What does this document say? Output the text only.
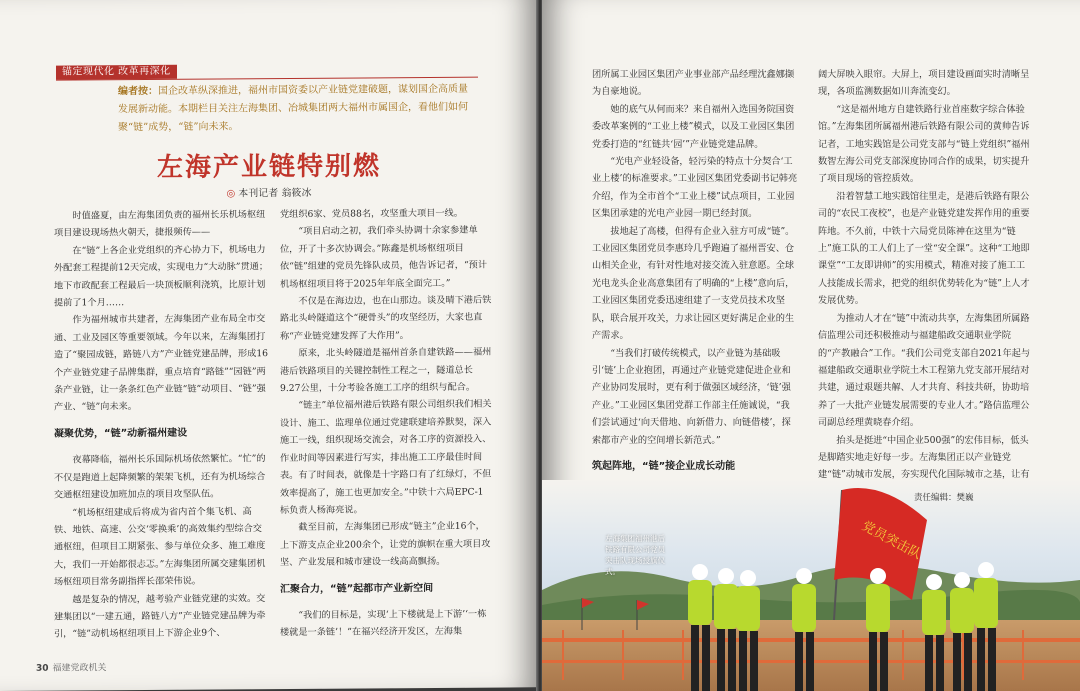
锚定现代化 改革再深化
编者按：国企改革纵深推进，福州市国资委以产业链党建破题，谋划国企高质量发展新动能。本期栏目关注左海集团、冶城集团两大福州市属国企，看他们如何聚“链”成势，“链”向未来。
左海产业链特别燃
◎ 本刊记者 翁筱冰

时值盛夏，由左海集团负责的福州长乐机场枢纽项目建设现场热火朝天，捷报频传——

在“链”上各企业党组织的齐心协力下，机场电力外配套工程提前12天完成，实现电力“大动脉”贯通；地下市政配套工程最后一块顶板顺利浇筑，比原计划提前了1个月……

作为福州城市共建者，左海集团产业布局全市交通、工业及园区等重要领域。今年以来，左海集团打造了“聚园成链，路链八方”产业链党建品牌，形成16个产业链党建子品牌集群，重点培育“路链”“园链”两条产业链，让一条条红色产业链“链”动项目、“链”强产业、“链”向未来。

凝聚优势，“链”动新福州建设

夜幕降临，福州长乐国际机场依然繁忙。“忙”的不仅是跑道上起降频繁的架架飞机，还有为机场综合交通枢纽建设加班加点的项目攻坚队伍。

“机场枢纽建成后将成为省内首个集飞机、高铁、地铁、高速、公交‘零换乘’的高效集约型综合交通枢纽，但项目工期紧张、参与单位众多、施工难度大，我们一开始都很忐忑。”左海集团所属交建集团机场枢纽项目常务副指挥长邵荣伟说。

越是复杂的情况，越考验产业链党建的实效。交建集团以“一建五通，路链八方”产业链党建品牌为牵引，“链”动机场枢纽项目上下游企业9个、

党组织6家、党员88名，攻坚重大项目一线。

“项目启动之初，我们牵头协调十余家参建单位，开了十多次协调会。”陈鑫是机场枢纽项目依“链”组建的党员先锋队成员，他告诉记者，“预计机场枢纽项目将于2025年年底全面完工。”

不仅是在海边边，也在山那边。谈及晴下港后铁路北头岭隧道这个“硬骨头”的攻坚经历，大家也直称“产业链党建发挥了大作用”。

原来，北头岭隧道是福州首条自建铁路——福州港后铁路项目的关键控制性工程之一，隧道总长9.27公里，十分考验各施工工序的组织与配合。

“链主”单位福州港后铁路有限公司组织我们相关设计、施工、监理单位通过党建联建培养默契，深入施工一线，组织现场交流会，对各工序的资源投入、作业时间等因素进行写实，排出施工工序最佳时间表。有了时间表，就像是十字路口有了红绿灯，不但效率提高了，施工也更加安全。”中铁十六局EPC-1标负责人杨海亮说。

截至目前，左海集团已形成“链主”企业16个，上下游支点企业200余个，让党的旗帜在重大项目攻坚、产业发展和城市建设一线高高飘扬。

汇聚合力，“链”起都市产业新空间

“我们的目标是，实现‘上下楼就是上下游’‘一栋楼就是一条链’！”在福兴经济开发区，左海集

30 福建党政机关

团所属工业园区集团产业事业部产品经理沈鑫娜撷为自豪地说。

她的底气从何而来？来自福州入选国务院国资委改革案例的“工业上楼”模式，以及工业园区集团党委打造的“红链共‘园’”产业链党建品牌。

“光电产业轻设备，轻污染的特点十分契合‘工业上楼’的标准要求。”工业园区集团党委副书记韩亮介绍，作为全市首个“工业上楼”试点项目，工业园区集团承建的光电产业园一期已经封顶。

拔地起了高楼，但得有企业入驻方可成“链”。工业园区集团党员李惠玲几乎跑遍了福州晋安、仓山相关企业，有针对性地对接交流入驻意愿。全球光电龙头企业高意集团有了明确的“上楼”意向后，工业园区集团党委迅速组建了一支党员技术攻坚队，联合展开攻关，力求让园区更好满足企业的生产需求。

“当我们打破传统模式，以产业链为基础吸引‘链’上企业抱团，再通过产业链党建促进企业和产业协同发展时，更有利于做强区域经济，‘链’强产业。”工业园区集团党群工作部主任施诚说，“我们尝试通过‘向天借地、向新借力、向链借楼’，探索都市产业的空间增长新范式。”

筑起阵地，“链”接企业成长动能

阔大屏映入眼帘。大屏上，项目建设画面实时清晰呈现，各项监测数据如川奔流变幻。

“这是福州地方自建铁路行业首座数字综合体验馆。”左海集团所属福州港后铁路有限公司的黄帅告诉记者，工地实践馆是公司党支部与“链上党组织”福州数智左海公司党支部深度协同合作的成果，切实提升了项目现场的管控质效。

沿着智慧工地实践馆往里走，是港后铁路有限公司的“农民工夜校”，也是产业链党建发挥作用的重要阵地。不久前，中铁十六局党员陈神在这里为“链上”施工队的工人们上了一堂“安全课”。这种“工地即课堂”“工友即讲师”的实用模式，精准对接了施工工人技能成长需求，把党的组织优势转化为“链”上人才发展优势。

为推动人才在“链”中流动共享，左海集团所属路信监理公司还积极推动与福建船政交通职业学院的“产教融合”工作。“我们公司党支部自2021年起与福建船政交通职业学院土木工程第九党支部开展结对共建，通过艰题共解、人才共育、科技共研，协助培养了一大批产业链发展需要的专业人才。”路信监理公司副总经理黄晓春介绍。

抬头是挺进“中国企业500强”的宏伟目标，低头是脚踏实地走好每一步。左海集团正以产业链党建“链”动城市发展，夯实现代化国际城市之基，让有

党员突击队
左海集团福州港后铁路有限公司党员突击队现场授旗仪式。
责任编辑：樊巍
